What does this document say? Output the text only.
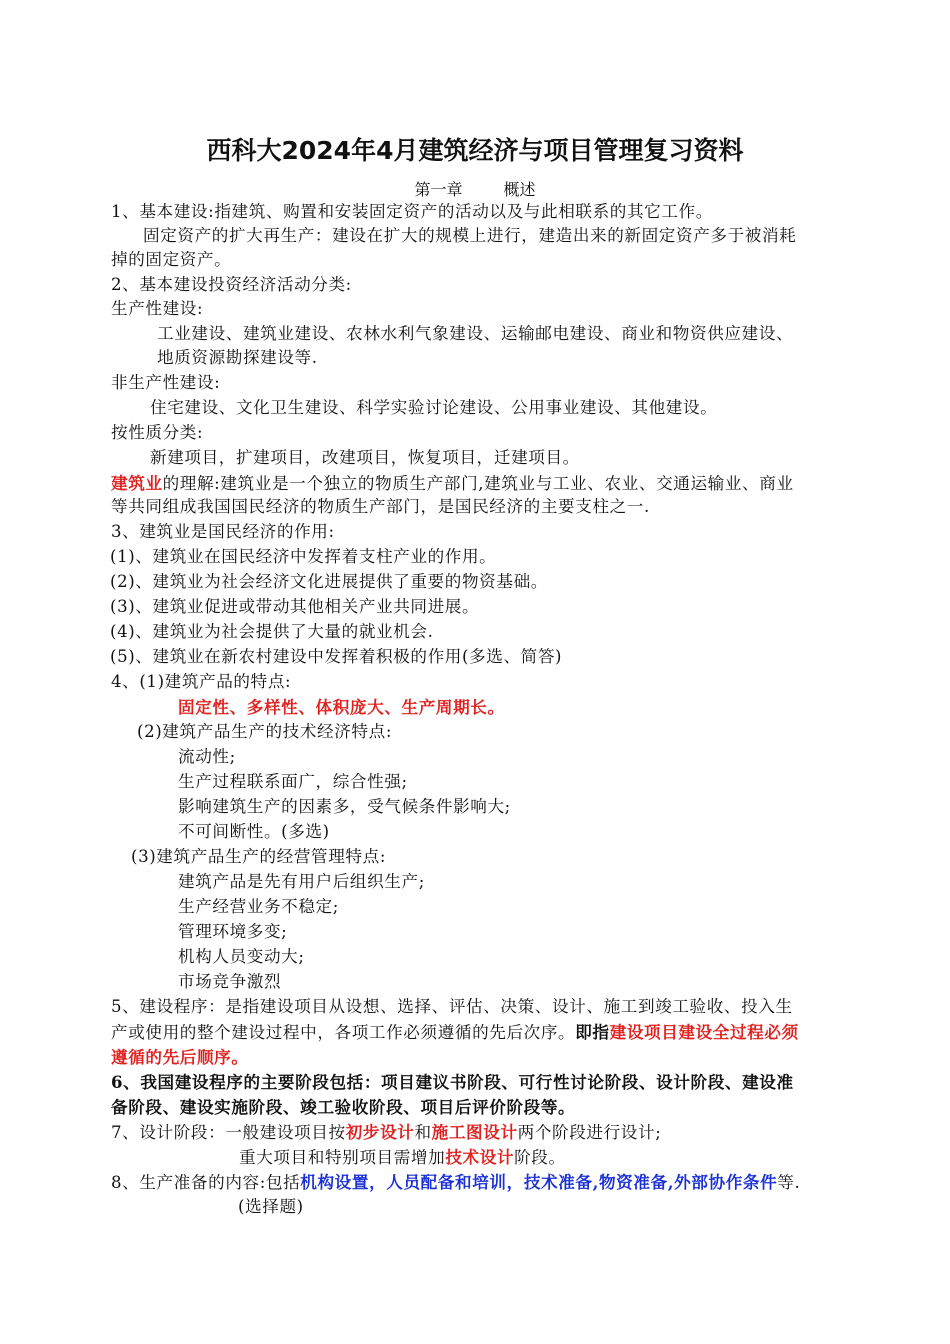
西科大2024年4月建筑经济与项目管理复习资料
第一章　 概述
1、基本建设:指建筑、购置和安装固定资产的活动以及与此相联系的其它工作。
固定资产的扩大再生产：建设在扩大的规模上进行，建造出来的新固定资产多于被消耗
掉的固定资产。
2、基本建设投资经济活动分类:
生产性建设:
工业建设、建筑业建设、农林水利气象建设、运输邮电建设、商业和物资供应建设、
地质资源勘探建设等.
非生产性建设:
住宅建设、文化卫生建设、科学实验讨论建设、公用事业建设、其他建设。
按性质分类:
新建项目，扩建项目，改建项目，恢复项目，迁建项目。
建筑业的理解:建筑业是一个独立的物质生产部门,建筑业与工业、农业、交通运输业、商业
等共同组成我国国民经济的物质生产部门，是国民经济的主要支柱之一.
3、建筑业是国民经济的作用:
(1)、建筑业在国民经济中发挥着支柱产业的作用。
(2)、建筑业为社会经济文化进展提供了重要的物资基础。
(3)、建筑业促进或带动其他相关产业共同进展。
(4)、建筑业为社会提供了大量的就业机会.
(5)、建筑业在新农村建设中发挥着积极的作用(多选、简答)
4、(1)建筑产品的特点:
固定性、多样性、体积庞大、生产周期长。
(2)建筑产品生产的技术经济特点:
流动性;
生产过程联系面广，综合性强;
影响建筑生产的因素多，受气候条件影响大;
不可间断性。(多选)
(3)建筑产品生产的经营管理特点:
建筑产品是先有用户后组织生产;
生产经营业务不稳定;
管理环境多变;
机构人员变动大;
市场竞争激烈
5、建设程序：是指建设项目从设想、选择、评估、决策、设计、施工到竣工验收、投入生
产或使用的整个建设过程中，各项工作必须遵循的先后次序。即指建设项目建设全过程必须
遵循的先后顺序。
6、我国建设程序的主要阶段包括：项目建议书阶段、可行性讨论阶段、设计阶段、建设准
备阶段、建设实施阶段、竣工验收阶段、项目后评价阶段等。
7、设计阶段：一般建设项目按初步设计和施工图设计两个阶段进行设计;
重大项目和特别项目需增加技术设计阶段。
8、生产准备的内容:包括机构设置，人员配备和培训，技术准备,物资准备,外部协作条件等.
(选择题)
